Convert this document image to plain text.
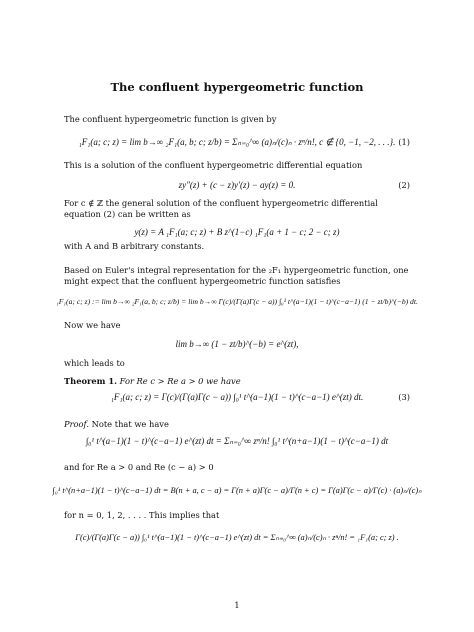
The confluent hypergeometric function
The confluent hypergeometric function is given by
₁F₁(a; c; z) = lim b→∞ ₂F₁(a, b; c; z/b) = Σₙ₌₀^∞ (a)ₙ/(c)ₙ · zⁿ/n!, c ∉ {0, −1, −2, . . .}. (1)
This is a solution of the confluent hypergeometric differential equation
zy″(z) + (c − z)y′(z) − ay(z) = 0.	(2)
For c ∉ ℤ the general solution of the confluent hypergeometric differential equation (2) can be written as
y(z) = A ₁F₁(a; c; z) + B z^(1−c) ₁F₁(a + 1 − c; 2 − c; z)
with A and B arbitrary constants.
Based on Euler's integral representation for the ₂F₁ hypergeometric function, one might expect that the confluent hypergeometric function satisfies
₁F₁(a; c; z) := lim b→∞ ₂F₁(a, b; c; z/b) = lim b→∞ Γ(c)/(Γ(a)Γ(c − a)) ∫₀¹ t^(a−1)(1 − t)^(c−a−1) (1 − zt/b)^(−b) dt.
Now we have
lim b→∞ (1 − zt/b)^(−b) = e^(zt),
which leads to
Theorem 1. For Re c > Re a > 0 we have
₁F₁(a; c; z) = Γ(c)/(Γ(a)Γ(c − a)) ∫₀¹ t^(a−1)(1 − t)^(c−a−1) e^(zt) dt.	(3)
Proof. Note that we have
∫₀¹ t^(a−1)(1 − t)^(c−a−1) e^(zt) dt = Σₙ₌₀^∞ zⁿ/n! ∫₀¹ t^(n+a−1)(1 − t)^(c−a−1) dt
and for Re a > 0 and Re (c − a) > 0
∫₀¹ t^(n+a−1)(1 − t)^(c−a−1) dt = B(n + a, c − a) = Γ(n + a)Γ(c − a)/Γ(n + c) = Γ(a)Γ(c − a)/Γ(c) · (a)ₙ/(c)ₙ
for n = 0, 1, 2, . . . . This implies that
Γ(c)/(Γ(a)Γ(c − a)) ∫₀¹ t^(a−1)(1 − t)^(c−a−1) e^(zt) dt = Σₙ₌₀^∞ (a)ₙ/(c)ₙ · zⁿ/n! = ₁F₁(a; c; z) .
1
